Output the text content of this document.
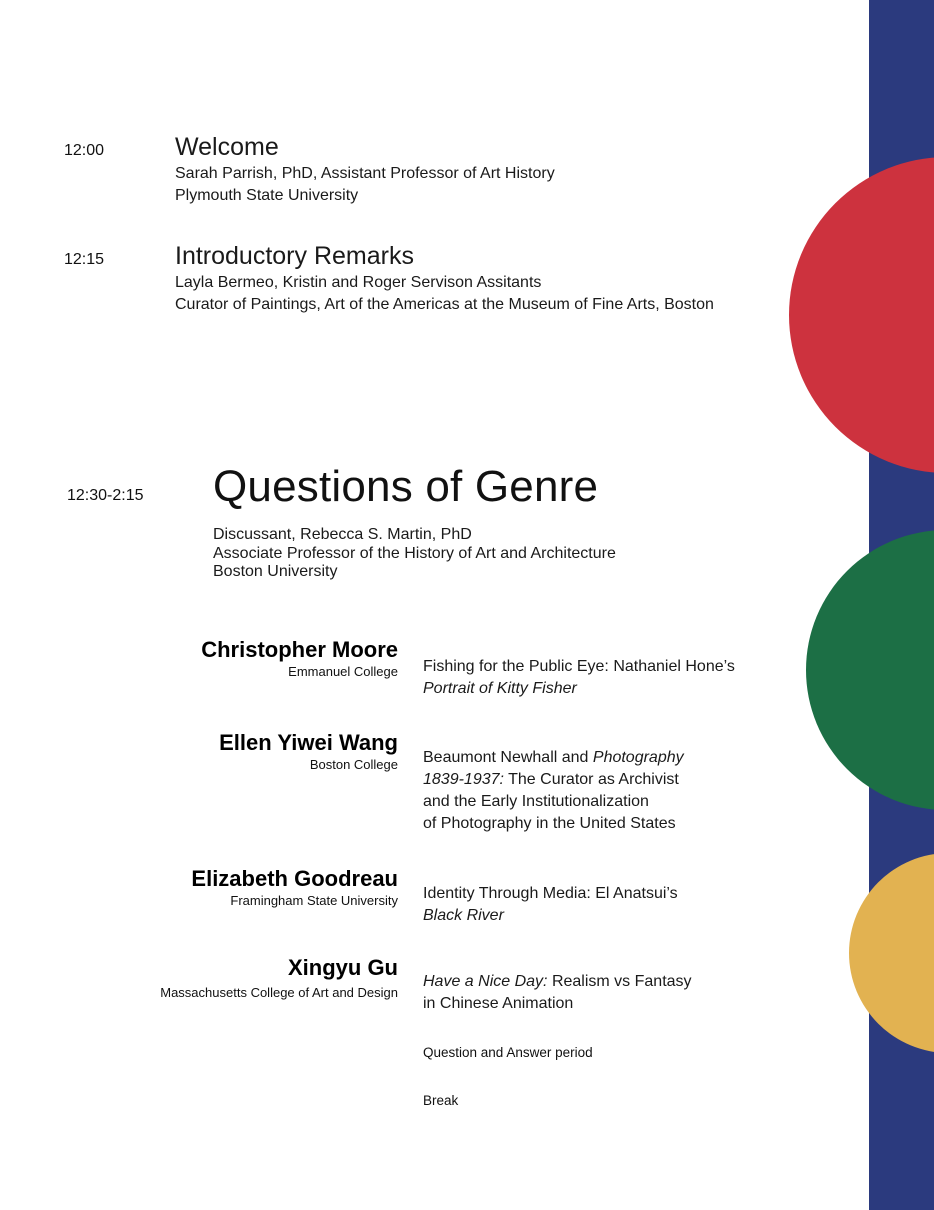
12:00	Welcome
Sarah Parrish, PhD, Assistant Professor of Art History
Plymouth State University
12:15	Introductory Remarks
Layla Bermeo, Kristin and Roger Servison Assitants
Curator of Paintings, Art of the Americas at the Museum of Fine Arts, Boston
12:30-2:15 Questions of Genre
Discussant, Rebecca S. Martin, PhD
Associate Professor of the History of Art and Architecture
Boston University
Christopher Moore
Emmanuel College Fishing for the Public Eye: Nathaniel Hone’s
Portrait of Kitty Fisher
Ellen Yiwei Wang
Boston College Beaumont Newhall and Photography
1839-1937: The Curator as Archivist
and the Early Institutionalization
of Photography in the United States
Elizabeth Goodreau
Framingham State University Identity Through Media: El Anatsui’s
Black River
Xingyu Gu
Massachusetts College of Art and Design
Have a Nice Day: Realism vs Fantasy
in Chinese Animation
Question and Answer period
Break
